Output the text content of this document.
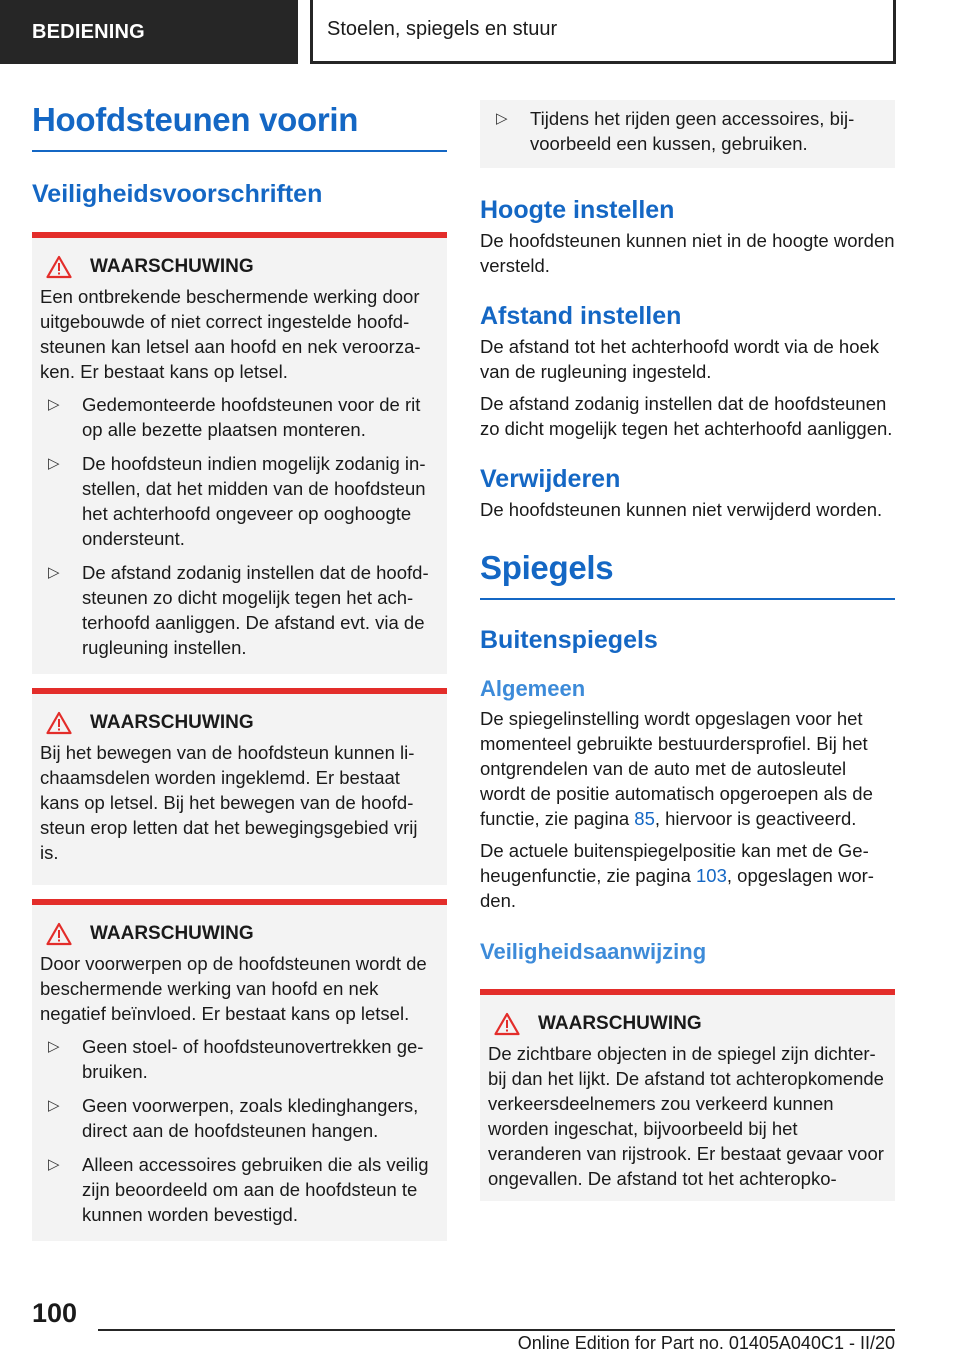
BEDIENING	Stoelen, spiegels en stuur
Hoofdsteunen voorin
Veiligheidsvoorschriften
WAARSCHUWING
Een ontbrekende beschermende werking door uitgebouwde of niet correct ingestelde hoofdsteunen kan letsel aan hoofd en nek veroorzaken. Er bestaat kans op letsel.
▷ Gedemonteerde hoofdsteunen voor de rit op alle bezette plaatsen monteren.
▷ De hoofdsteun indien mogelijk zodanig instellen, dat het midden van de hoofdsteun het achterhoofd ongeveer op ooghoogte ondersteunt.
▷ De afstand zodanig instellen dat de hoofdsteunen zo dicht mogelijk tegen het achterhoofd aanliggen. De afstand evt. via de rugleuning instellen.
WAARSCHUWING
Bij het bewegen van de hoofdsteun kunnen lichaamsdelen worden ingeklemd. Er bestaat kans op letsel. Bij het bewegen van de hoofdsteun erop letten dat het bewegingsgebied vrij is.
WAARSCHUWING
Door voorwerpen op de hoofdsteunen wordt de beschermende werking van hoofd en nek negatief beïnvloed. Er bestaat kans op letsel.
▷ Geen stoel- of hoofdsteunovertrekken gebruiken.
▷ Geen voorwerpen, zoals kledinghangers, direct aan de hoofdsteunen hangen.
▷ Alleen accessoires gebruiken die als veilig zijn beoordeeld om aan de hoofdsteun te kunnen worden bevestigd.
▷ Tijdens het rijden geen accessoires, bijvoorbeeld een kussen, gebruiken.
Hoogte instellen

De hoofdsteunen kunnen niet in de hoogte worden versteld.

Afstand instellen

De afstand tot het achterhoofd wordt via de hoek van de rugleuning ingesteld.

De afstand zodanig instellen dat de hoofdsteunen zo dicht mogelijk tegen het achterhoofd aanliggen.

Verwijderen

De hoofdsteunen kunnen niet verwijderd worden.

Spiegels
Buitenspiegels
Algemeen

De spiegelinstelling wordt opgeslagen voor het momenteel gebruikte bestuurdersprofiel. Bij het ontgrendelen van de auto met de autosleutel wordt de positie automatisch opgeroepen als de functie, zie pagina 85, hiervoor is geactiveerd.

De actuele buitenspiegelpositie kan met de Geheugenfunctie, zie pagina 103, opgeslagen worden.

Veiligheidsaanwijzing
WAARSCHUWING
De zichtbare objecten in de spiegel zijn dichterbij dan het lijkt. De afstand tot achteropkomende verkeersdeelnemers zou verkeerd kunnen worden ingeschat, bijvoorbeeld bij het veranderen van rijstrook. Er bestaat gevaar voor ongevallen. De afstand tot het achteropko-
100
Online Edition for Part no. 01405A040C1 - II/20
